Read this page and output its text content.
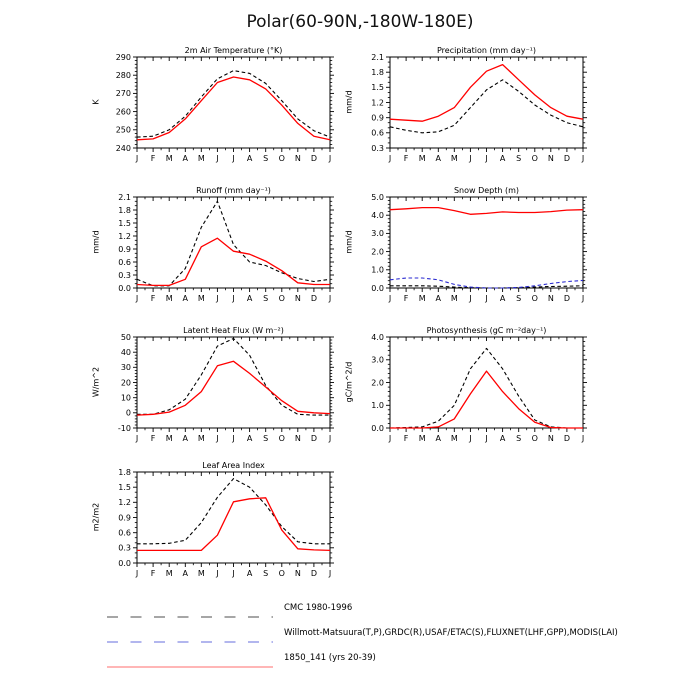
Polar(60-90N,-180W-180E)
2m Air Temperature (°K)
K
240
250
260
270
280
290
J F M A M J J A S O N D J
Precipitation (mm day⁻¹)
mm/d
0.3
0.6
0.9
1.2
1.5
1.8
2.1
J F M A M J J A S O N D J
Runoff (mm day⁻¹)
mm/d
0.0
0.3
0.6
0.9
1.2
1.5
1.8
2.1
J F M A M J J A S O N D J
Snow Depth (m)
mm/d
0.0
1.0
2.0
3.0
4.0
5.0
J F M A M J J A S O N D J
Latent Heat Flux (W m⁻²)
W/m^2
-10
0
10
20
30
40
50
J F M A M J J A S O N D J
Photosynthesis (gC m⁻²day⁻¹)
gC/m^2/d
0.0
1.0
2.0
3.0
4.0
J F M A M J J A S O N D J
Leaf Area Index
m2/m2
0.0
0.3
0.6
0.9
1.2
1.5
1.8
J F M A M J J A S O N D J
CMC 1980-1996
Willmott-Matsuura(T,P),GRDC(R),USAF/ETAC(S),FLUXNET(LHF,GPP),MODIS(LAI)
1850_141 (yrs 20-39)
